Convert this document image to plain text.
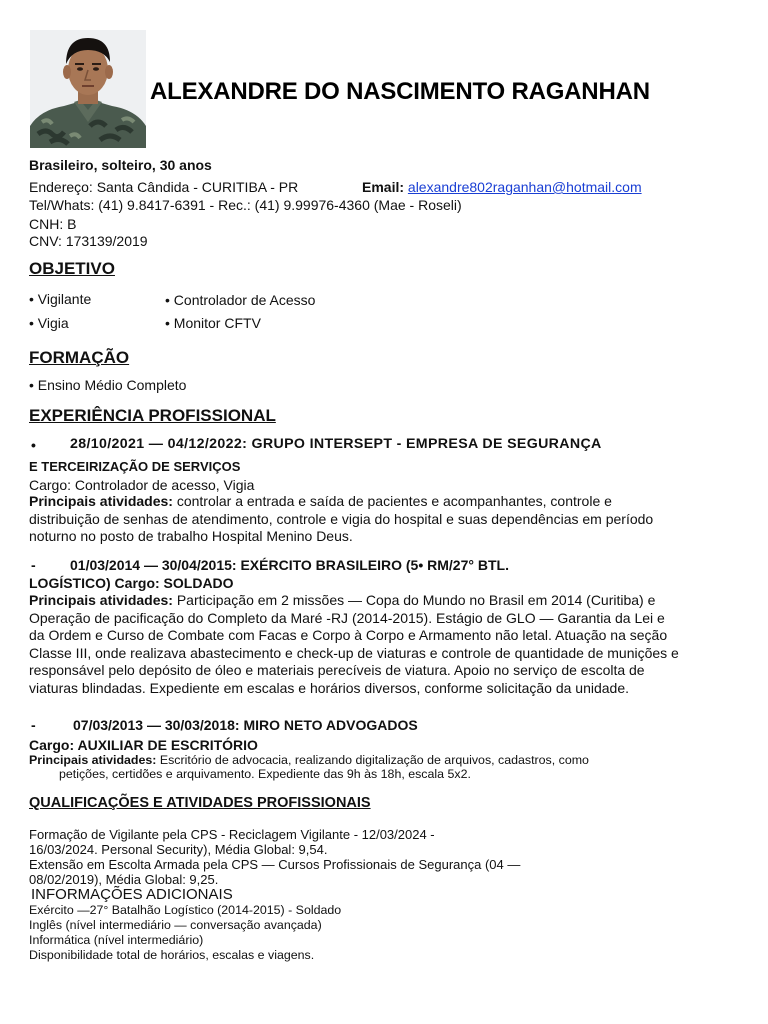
ALEXANDRE DO NASCIMENTO RAGANHAN
Brasileiro, solteiro, 30 anos
Endereço: Santa Cândida - CURITIBA - PR	Email: alexandre802raganhan@hotmail.com
Tel/Whats: (41) 9.8417-6391 - Rec.: (41) 9.99976-4360 (Mae - Roseli)
CNH: B
CNV: 173139/2019
OBJETIVO
• Vigilante	• Controlador de Acesso
• Vigia	• Monitor CFTV
FORMAÇÃO
• Ensino Médio Completo
EXPERIÊNCIA PROFISSIONAL
• 28/10/2021 — 04/12/2022: GRUPO INTERSEPT - EMPRESA DE SEGURANÇA
E TERCEIRIZAÇÃO DE SERVIÇOS
Cargo: Controlador de acesso, Vigia
Principais atividades: controlar a entrada e saída de pacientes e acompanhantes, controle e distribuição de senhas de atendimento, controle e vigia do hospital e suas dependências em período noturno no posto de trabalho Hospital Menino Deus.
- 01/03/2014 — 30/04/2015: EXÉRCITO BRASILEIRO (5• RM/27° BTL.
LOGÍSTICO) Cargo: SOLDADO
Principais atividades: Participação em 2 missões — Copa do Mundo no Brasil em 2014 (Curitiba) e Operação de pacificação do Completo da Maré -RJ (2014-2015). Estágio de GLO — Garantia da Lei e da Ordem e Curso de Combate com Facas e Corpo à Corpo e Armamento não letal. Atuação na seção Classe III, onde realizava abastecimento e check-up de viaturas e controle de quantidade de munições e responsável pelo depósito de óleo e materiais perecíveis de viatura. Apoio no serviço de escolta de viaturas blindadas. Expediente em escalas e horários diversos, conforme solicitação da unidade.
-	07/03/2013 — 30/03/2018: MIRO NETO ADVOGADOS
Cargo: AUXILIAR DE ESCRITÓRIO
Principais atividades: Escritório de advocacia, realizando digitalização de arquivos, cadastros, como
petições, certidões e arquivamento. Expediente das 9h às 18h, escala 5x2.
QUALIFICAÇÕES E ATIVIDADES PROFISSIONAIS
Formação de Vigilante pela CPS - Reciclagem Vigilante - 12/03/2024 -
16/03/2024. Personal Security), Média Global: 9,54.
Extensão em Escolta Armada pela CPS — Cursos Profissionais de Segurança (04 —
08/02/2019), Média Global: 9,25.
INFORMAÇÕES ADICIONAIS
Exército —27° Batalhão Logístico (2014-2015) - Soldado
Inglês (nível intermediário — conversação avançada)
Informática (nível intermediário)
Disponibilidade total de horários, escalas e viagens.
